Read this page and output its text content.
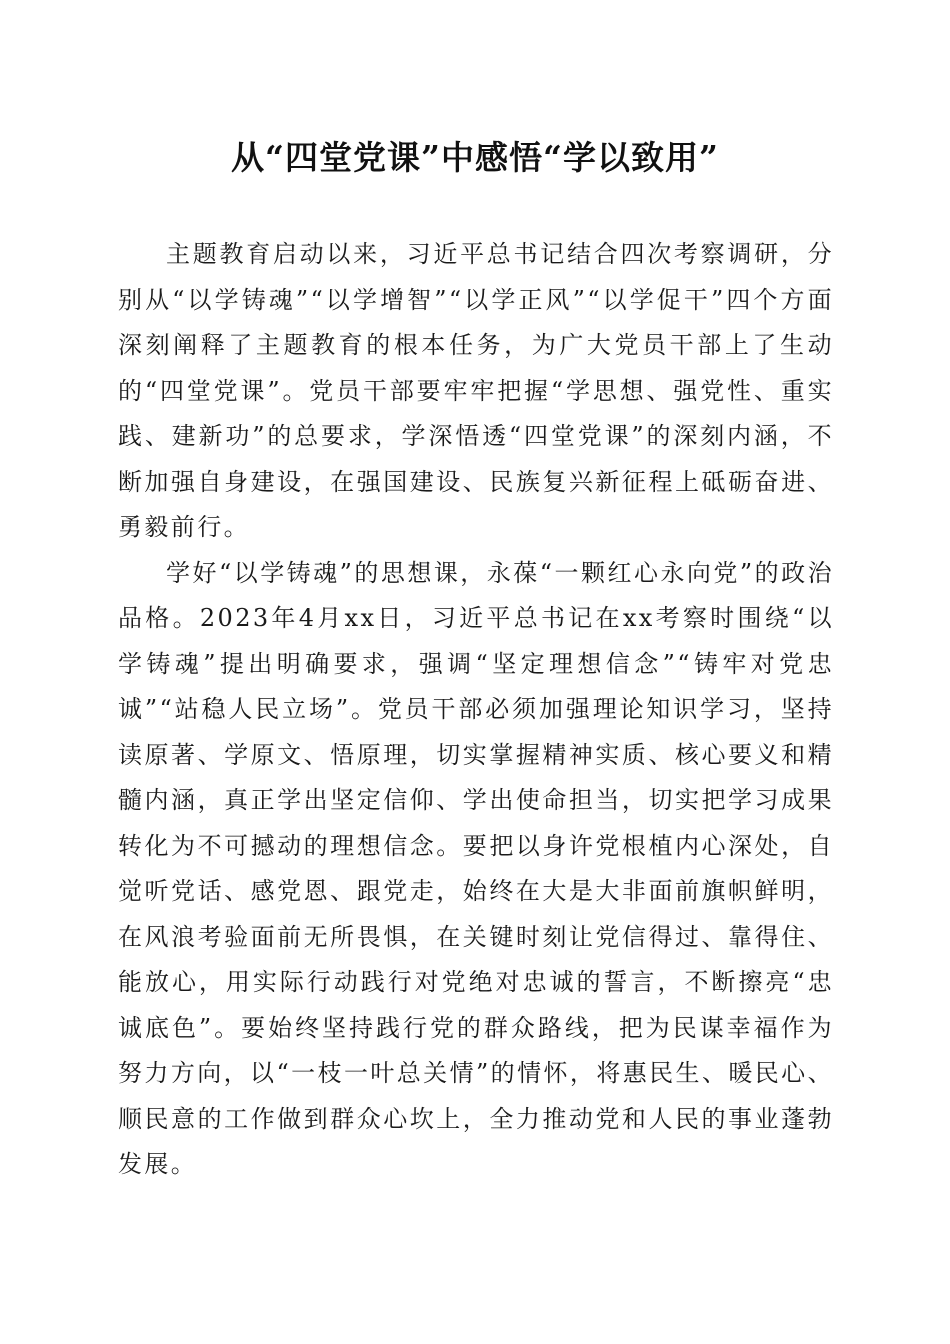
从“四堂党课”中感悟“学以致用”

主题教育启动以来，习近平总书记结合四次考察调研，分别从“以学铸魂”“以学增智”“以学正风”“以学促干”四个方面深刻阐释了主题教育的根本任务，为广大党员干部上了生动的“四堂党课”。党员干部要牢牢把握“学思想、强党性、重实践、建新功”的总要求，学深悟透“四堂党课”的深刻内涵，不断加强自身建设，在强国建设、民族复兴新征程上砥砺奋进、勇毅前行。

学好“以学铸魂”的思想课，永葆“一颗红心永向党”的政治品格。2023年4月xx日，习近平总书记在xx考察时围绕“以学铸魂”提出明确要求，强调“坚定理想信念”“铸牢对党忠诚”“站稳人民立场”。党员干部必须加强理论知识学习，坚持读原著、学原文、悟原理，切实掌握精神实质、核心要义和精髓内涵，真正学出坚定信仰、学出使命担当，切实把学习成果转化为不可撼动的理想信念。要把以身许党根植内心深处，自觉听党话、感党恩、跟党走，始终在大是大非面前旗帜鲜明，在风浪考验面前无所畏惧，在关键时刻让党信得过、靠得住、能放心，用实际行动践行对党绝对忠诚的誓言，不断擦亮“忠诚底色”。要始终坚持践行党的群众路线，把为民谋幸福作为努力方向，以“一枝一叶总关情”的情怀，将惠民生、暖民心、顺民意的工作做到群众心坎上，全力推动党和人民的事业蓬勃发展。
